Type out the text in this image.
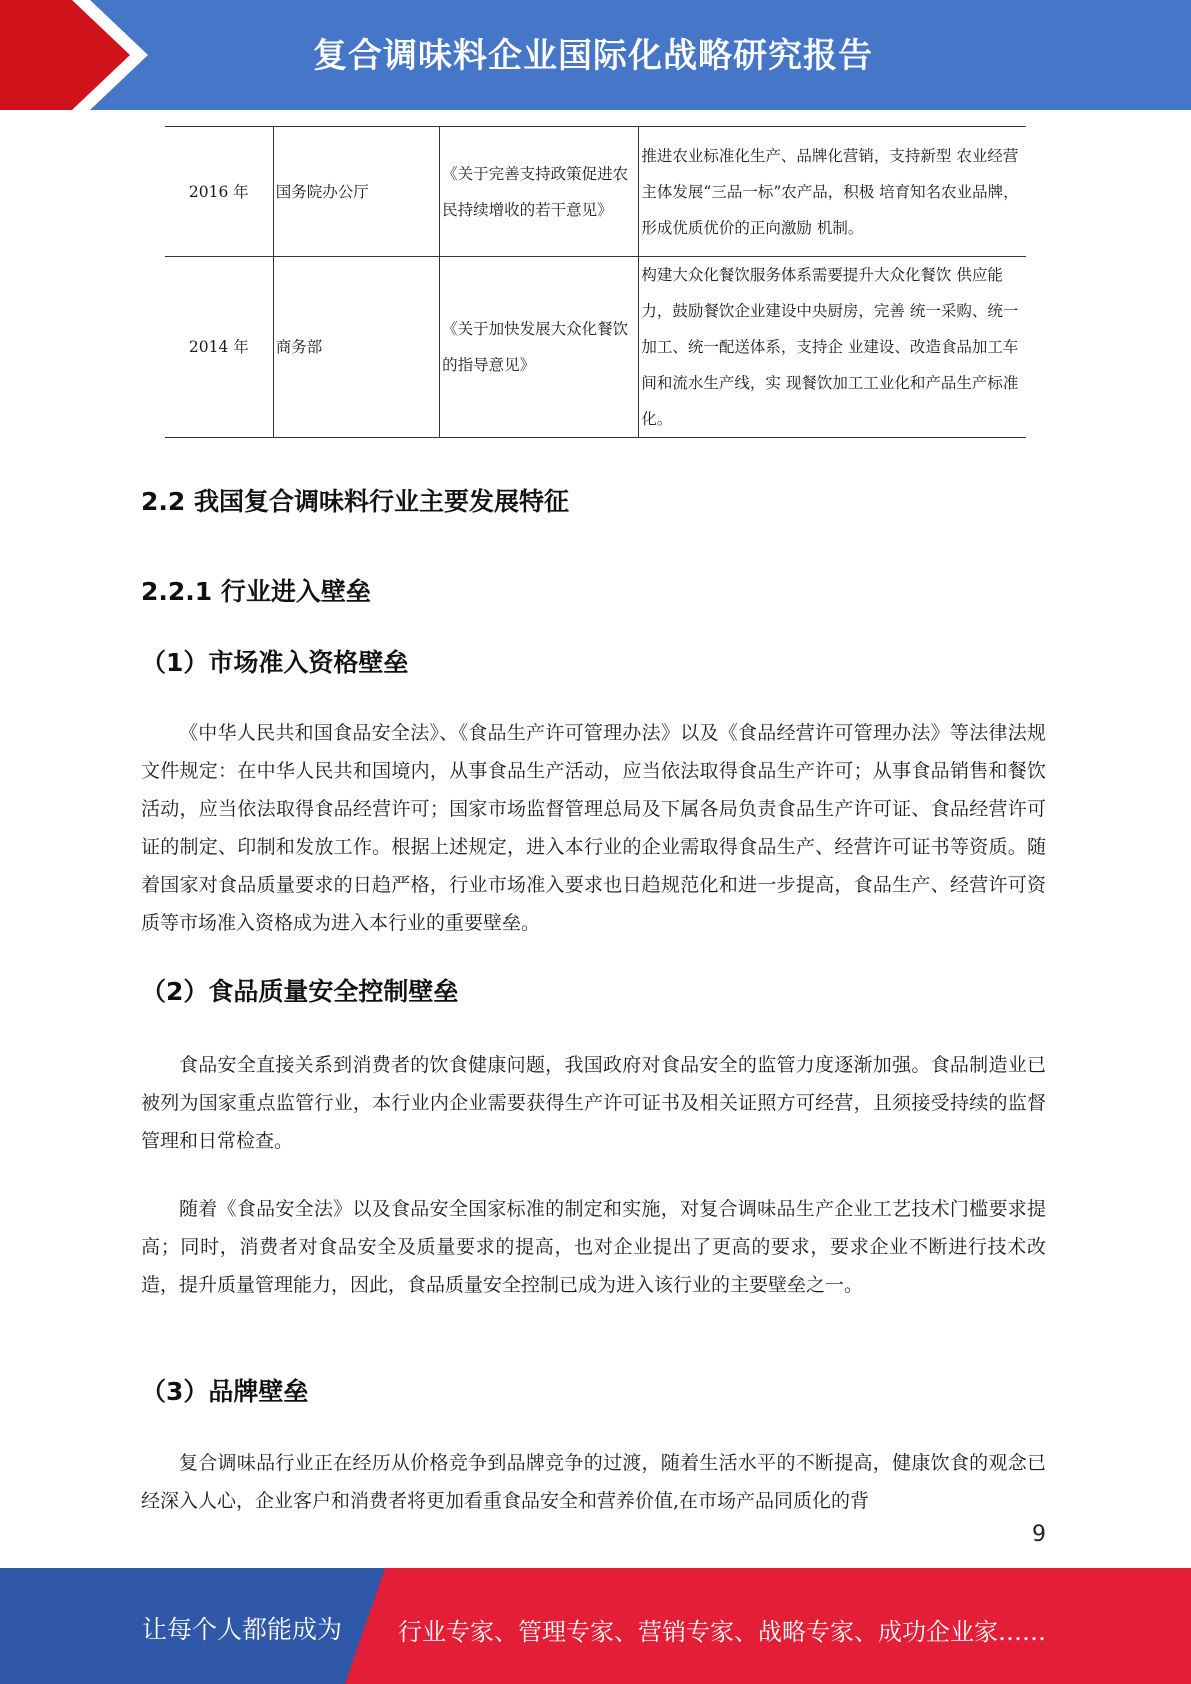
复合调味料企业国际化战略研究报告
2016 年	国务院办公厅	《关于完善支持政策促进农民持续增收的若干意见》	推进农业标准化生产、品牌化营销，支持新型 农业经营主体发展“三品一标”农产品，积极 培育知名农业品牌，形成优质优价的正向激励 机制。
2014 年	商务部	《关于加快发展大众化餐饮的指导意见》	构建大众化餐饮服务体系需要提升大众化餐饮 供应能力，鼓励餐饮企业建设中央厨房，完善 统一采购、统一加工、统一配送体系，支持企 业建设、改造食品加工车间和流水生产线，实 现餐饮加工工业化和产品生产标准化。
2.2 我国复合调味料行业主要发展特征
2.2.1 行业进入壁垒
（1）市场准入资格壁垒

《中华人民共和国食品安全法》、《食品生产许可管理办法》以及《食品经营许可管理办法》等法律法规文件规定：在中华人民共和国境内，从事食品生产活动，应当依法取得食品生产许可；从事食品销售和餐饮活动，应当依法取得食品经营许可；国家市场监督管理总局及下属各局负责食品生产许可证、食品经营许可证的制定、印制和发放工作。根据上述规定，进入本行业的企业需取得食品生产、经营许可证书等资质。随着国家对食品质量要求的日趋严格，行业市场准入要求也日趋规范化和进一步提高，食品生产、经营许可资质等市场准入资格成为进入本行业的重要壁垒。

（2）食品质量安全控制壁垒

食品安全直接关系到消费者的饮食健康问题，我国政府对食品安全的监管力度逐渐加强。食品制造业已被列为国家重点监管行业，本行业内企业需要获得生产许可证书及相关证照方可经营，且须接受持续的监督管理和日常检查。

随着《食品安全法》以及食品安全国家标准的制定和实施，对复合调味品生产企业工艺技术门槛要求提高；同时，消费者对食品安全及质量要求的提高，也对企业提出了更高的要求，要求企业不断进行技术改造，提升质量管理能力，因此，食品质量安全控制已成为进入该行业的主要壁垒之一。

（3）品牌壁垒

复合调味品行业正在经历从价格竞争到品牌竞争的过渡，随着生活水平的不断提高，健康饮食的观念已经深入人心，企业客户和消费者将更加看重食品安全和营养价值,在市场产品同质化的背

9
让每个人都能成为 行业专家、管理专家、营销专家、战略专家、成功企业家……
